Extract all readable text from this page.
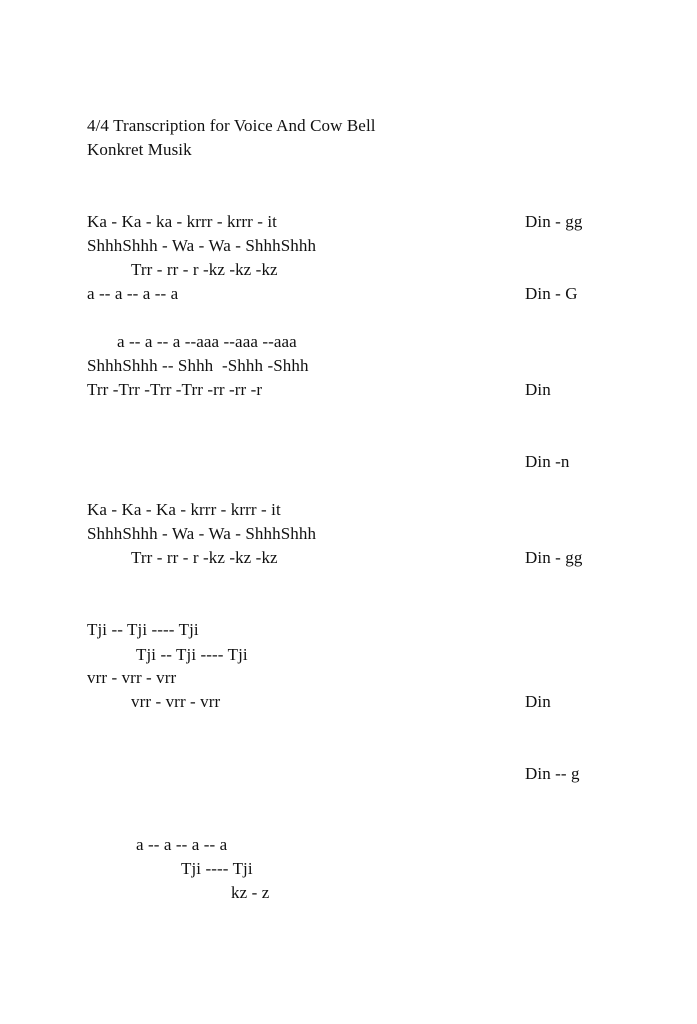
4/4 Transcription for Voice And Cow Bell
Konkret Musik
Ka - Ka - ka - krrr - krrr - it
ShhhShhh - Wa - Wa - ShhhShhh
Trr - rr - r -kz -kz -kz
a -- a -- a -- a
a -- a -- a --aaa --aaa --aaa
ShhhShhh -- Shhh  -Shhh -Shhh
Trr -Trr -Trr -Trr -rr -rr -r
Ka - Ka - Ka - krrr - krrr - it
ShhhShhh - Wa - Wa - ShhhShhh
Trr - rr - r -kz -kz -kz
Tji -- Tji ---- Tji
Tji -- Tji ---- Tji
vrr - vrr - vrr
vrr - vrr - vrr
a -- a -- a -- a
Tji ---- Tji
kz - z
Din - gg
Din - G
Din
Din -n
Din - gg
Din
Din -- g
